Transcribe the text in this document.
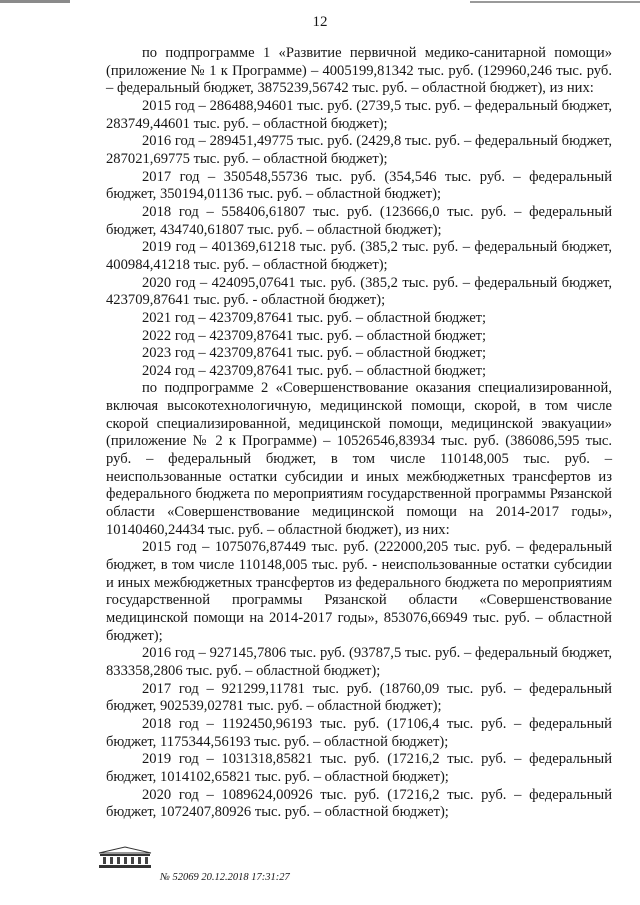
12

по подпрограмме 1 «Развитие первичной медико-санитарной помощи» (приложение № 1 к Программе) – 4005199,81342 тыс. руб. (129960,246 тыс. руб. – федеральный бюджет, 3875239,56742 тыс. руб. – областной бюджет), из них:

2015 год – 286488,94601 тыс. руб. (2739,5 тыс. руб. – федеральный бюджет, 283749,44601 тыс. руб. – областной бюджет);

2016 год – 289451,49775 тыс. руб. (2429,8 тыс. руб. – федеральный бюджет, 287021,69775 тыс. руб. – областной бюджет);

2017 год – 350548,55736 тыс. руб. (354,546 тыс. руб. – федеральный бюджет, 350194,01136 тыс. руб. – областной бюджет);

2018 год – 558406,61807 тыс. руб. (123666,0 тыс. руб. – федеральный бюджет, 434740,61807 тыс. руб. – областной бюджет);

2019 год – 401369,61218 тыс. руб. (385,2 тыс. руб. – федеральный бюджет, 400984,41218 тыс. руб. – областной бюджет);

2020 год – 424095,07641 тыс. руб. (385,2 тыс. руб. – федеральный бюджет, 423709,87641 тыс. руб. - областной бюджет);

2021 год – 423709,87641 тыс. руб. – областной бюджет;

2022 год – 423709,87641 тыс. руб. – областной бюджет;

2023 год – 423709,87641 тыс. руб. – областной бюджет;

2024 год – 423709,87641 тыс. руб. – областной бюджет;

по подпрограмме 2 «Совершенствование оказания специализированной, включая высокотехнологичную, медицинской помощи, скорой, в том числе скорой специализированной, медицинской помощи, медицинской эвакуации» (приложение № 2 к Программе) – 10526546,83934 тыс. руб. (386086,595 тыс. руб. – федеральный бюджет, в том числе 110148,005 тыс. руб. – неиспользованные остатки субсидии и иных межбюджетных трансфертов из федерального бюджета по мероприятиям государственной программы Рязанской области «Совершенствование медицинской помощи на 2014-2017 годы», 10140460,24434 тыс. руб. – областной бюджет), из них:

2015 год – 1075076,87449 тыс. руб. (222000,205 тыс. руб. – федеральный бюджет, в том числе 110148,005 тыс. руб. - неиспользованные остатки субсидии и иных межбюджетных трансфертов из федерального бюджета по мероприятиям государственной программы Рязанской области «Совершенствование медицинской помощи на 2014-2017 годы», 853076,66949 тыс. руб. – областной бюджет);

2016 год – 927145,7806 тыс. руб. (93787,5 тыс. руб. – федеральный бюджет, 833358,2806 тыс. руб. – областной бюджет);

2017 год – 921299,11781 тыс. руб. (18760,09 тыс. руб. – федеральный бюджет, 902539,02781 тыс. руб. – областной бюджет);

2018 год – 1192450,96193 тыс. руб. (17106,4 тыс. руб. – федеральный бюджет, 1175344,56193 тыс. руб. – областной бюджет);

2019 год – 1031318,85821 тыс. руб. (17216,2 тыс. руб. – федеральный бюджет, 1014102,65821 тыс. руб. – областной бюджет);

2020 год – 1089624,00926 тыс. руб. (17216,2 тыс. руб. – федеральный бюджет, 1072407,80926 тыс. руб. – областной бюджет);

№ 52069 20.12.2018 17:31:27
